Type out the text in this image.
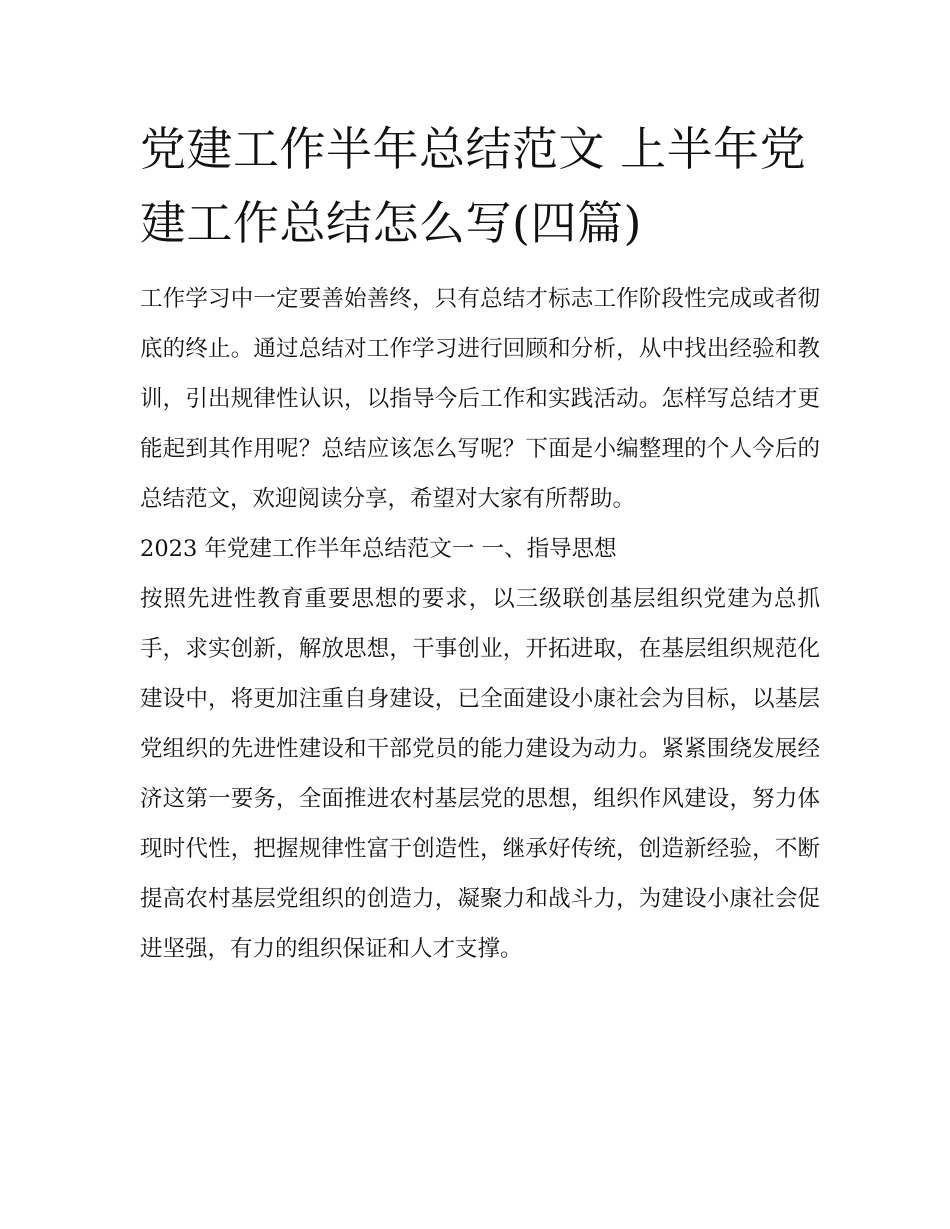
党建工作半年总结范文 上半年党建工作总结怎么写(四篇)

工作学习中一定要善始善终，只有总结才标志工作阶段性完成或者彻底的终止。通过总结对工作学习进行回顾和分析，从中找出经验和教训，引出规律性认识，以指导今后工作和实践活动。怎样写总结才更能起到其作用呢？总结应该怎么写呢？下面是小编整理的个人今后的总结范文，欢迎阅读分享，希望对大家有所帮助。

2023 年党建工作半年总结范文一 一、指导思想

按照先进性教育重要思想的要求，以三级联创基层组织党建为总抓手，求实创新，解放思想，干事创业，开拓进取，在基层组织规范化建设中，将更加注重自身建设，已全面建设小康社会为目标，以基层党组织的先进性建设和干部党员的能力建设为动力。紧紧围绕发展经济这第一要务，全面推进农村基层党的思想，组织作风建设，努力体现时代性，把握规律性富于创造性，继承好传统，创造新经验，不断提高农村基层党组织的创造力，凝聚力和战斗力，为建设小康社会促进坚强，有力的组织保证和人才支撑。
